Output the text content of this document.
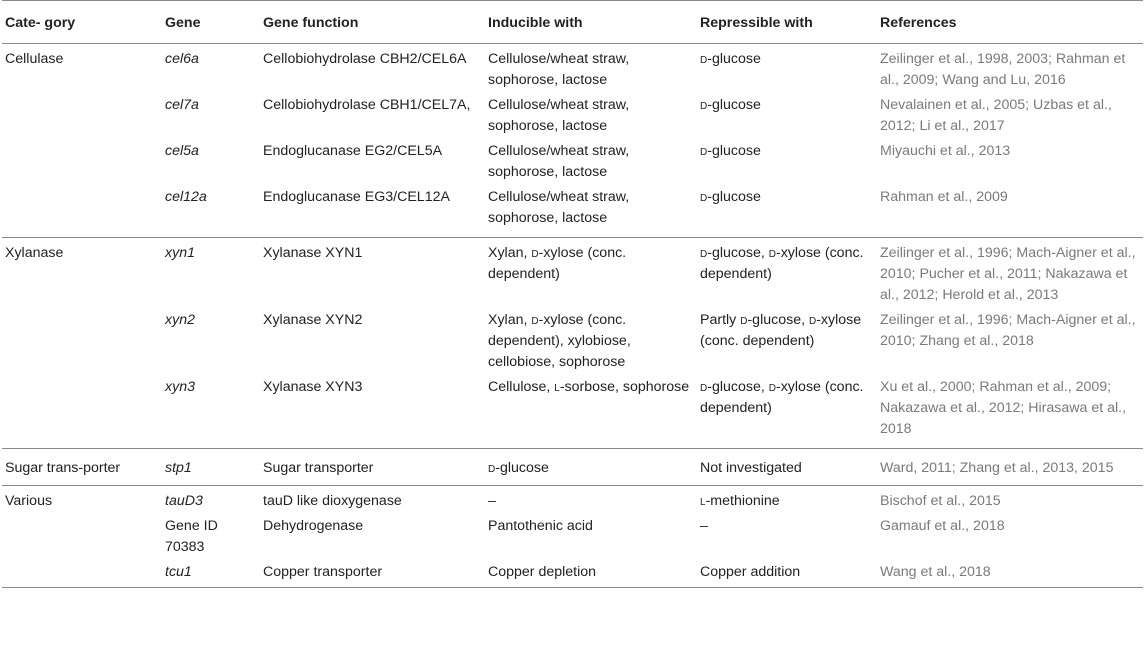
Cate- gory	Gene	Gene function	Inducible with	Repressible with	References
Cellulase	cel6a	Cellobiohydrolase CBH2/CEL6A	Cellulose/wheat straw, sophorose, lactose	d-glucose	Zeilinger et al., 1998, 2003; Rahman et al., 2009; Wang and Lu, 2016
	cel7a	Cellobiohydrolase CBH1/CEL7A,	Cellulose/wheat straw, sophorose, lactose	d-glucose	Nevalainen et al., 2005; Uzbas et al., 2012; Li et al., 2017
	cel5a	Endoglucanase EG2/CEL5A	Cellulose/wheat straw, sophorose, lactose	d-glucose	Miyauchi et al., 2013
	cel12a	Endoglucanase EG3/CEL12A	Cellulose/wheat straw, sophorose, lactose	d-glucose	Rahman et al., 2009
Xylanase	xyn1	Xylanase XYN1	Xylan, d-xylose (conc. dependent)	d-glucose, d-xylose (conc. dependent)	Zeilinger et al., 1996; Mach-Aigner et al., 2010; Pucher et al., 2011; Nakazawa et al., 2012; Herold et al., 2013
	xyn2	Xylanase XYN2	Xylan, d-xylose (conc. dependent), xylobiose, cellobiose, sophorose	Partly d-glucose, d-xylose (conc. dependent)	Zeilinger et al., 1996; Mach-Aigner et al., 2010; Zhang et al., 2018
	xyn3	Xylanase XYN3	Cellulose, l-sorbose, sophorose	d-glucose, d-xylose (conc. dependent)	Xu et al., 2000; Rahman et al., 2009; Nakazawa et al., 2012; Hirasawa et al., 2018
Sugar trans-porter	stp1	Sugar transporter	d-glucose	Not investigated	Ward, 2011; Zhang et al., 2013, 2015
Various	tauD3	tauD like dioxygenase	–	l-methionine	Bischof et al., 2015
	Gene ID 70383	Dehydrogenase	Pantothenic acid	–	Gamauf et al., 2018
	tcu1	Copper transporter	Copper depletion	Copper addition	Wang et al., 2018
